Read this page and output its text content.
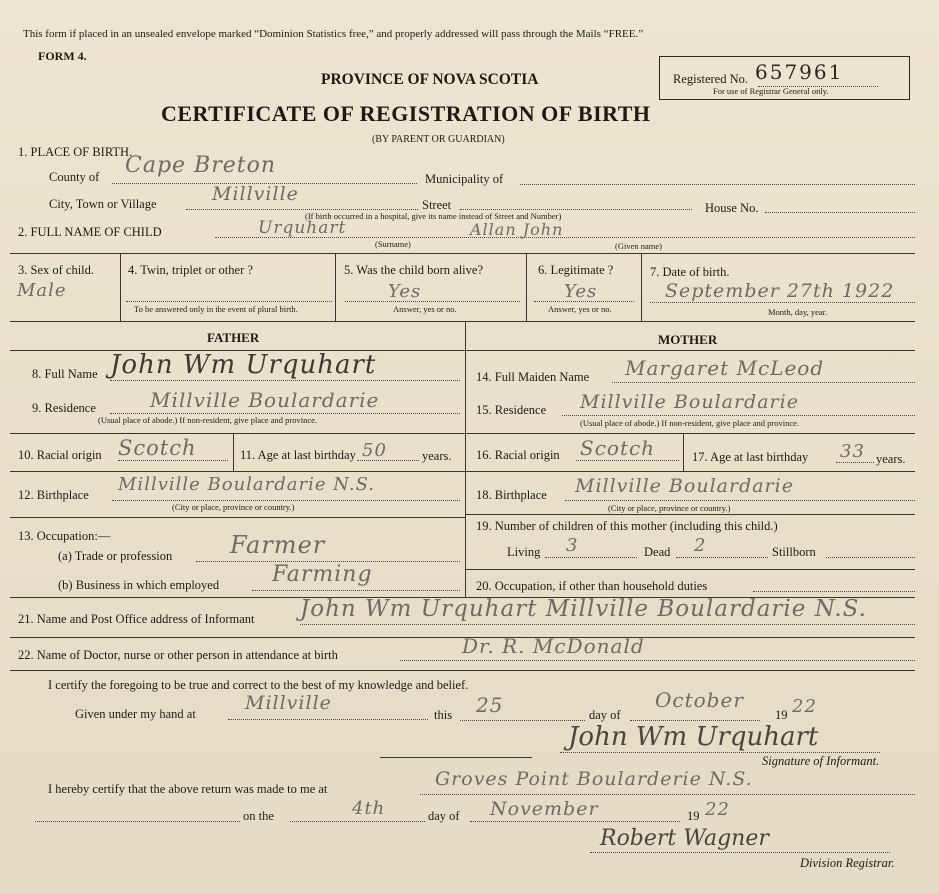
This form if placed in an unsealed envelope marked “Dominion Statistics free,” and properly addressed will pass through the Mails “FREE.”
FORM 4.
PROVINCE OF NOVA SCOTIA
CERTIFICATE OF REGISTRATION OF BIRTH
(BY PARENT OR GUARDIAN)
Registered No. 657961
For use of Registrar General only.
1. PLACE OF BIRTH.
County of Cape Breton
Municipality of
City, Town or Village	Millville	Street	House No.
(If birth occurred in a hospital, give its name instead of Street and Number)
2. FULL NAME OF CHILD	Urquhart	Allan John
(Surname)	(Given name)
3. Sex of child.
Male
4. Twin, triplet or other ?
To be answered only in the event of plural birth.
5. Was the child born alive?
Yes
Answer, yes or no.
6. Legitimate ?
Yes
Answer, yes or no.
7. Date of birth.
September 27th 1922
Month, day, year.
FATHER	MOTHER
8. Full Name John Wm Urquhart
9. Residence	Millville Boulardarie
(Usual place of abode.) If non-resident, give place and province.
10. Racial origin Scotch	11. Age at last birthday 50	years.
12. Birthplace Millville Boulardarie N.S.
(City or place, province or country.)
13. Occupation:—
(a) Trade or profession Farmer
(b) Business in which employed Farming
14. Full Maiden Name Margaret McLeod
15. Residence Millville Boulardarie
(Usual place of abode.) If non-resident, give place and province.
16. Racial origin Scotch	17. Age at last birthday 33 years.
18. Birthplace Millville Boulardarie
(City or place, province or country.)
19. Number of children of this mother (including this child.)
Living 3	Dead 2	Stillborn
20. Occupation, if other than household duties
21. Name and Post Office address of Informant John Wm Urquhart Millville Boulardarie N.S.
22. Name of Doctor, nurse or other person in attendance at birth	Dr. R. McDonald
I certify the foregoing to be true and correct to the best of my knowledge and belief.
Given under my hand at	Millville
this 25	day of
October
19 22
John Wm Urquhart
Signature of Informant.
I hereby certify that the above return was made to me at	Groves Point Boularderie N.S.
on the	4th	day of November	19 22
Robert Wagner
Division Registrar.
